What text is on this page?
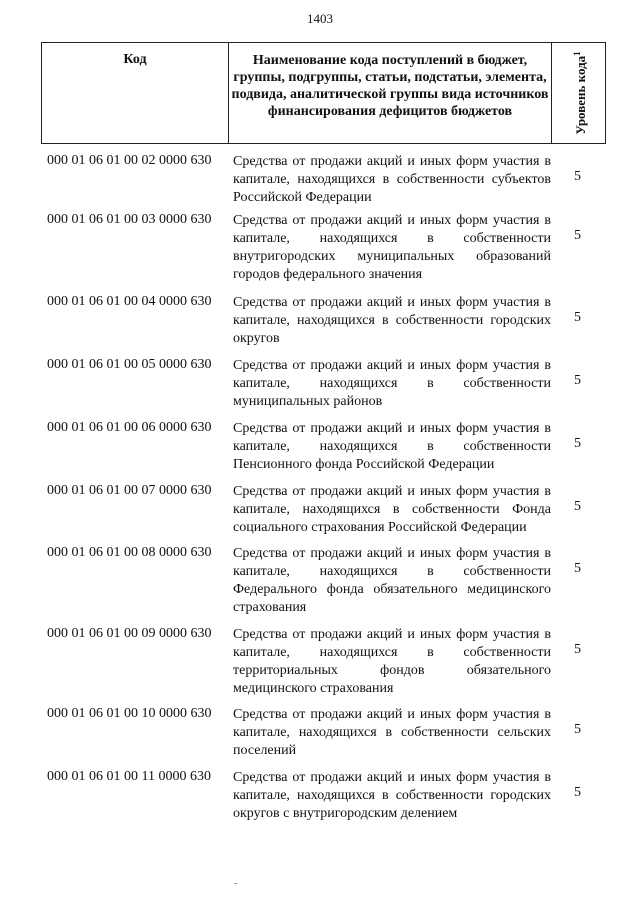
1403
Код	Наименование кода поступлений в бюджет, группы, подгруппы, статьи, подстатьи, элемента, подвида, аналитической группы вида источников финансирования дефицитов бюджетов	Уровень кода$^1$
000 01 06 01 00 02 0000 630 Средства от продажи акций и иных форм участия в капитале, находящихся в собственности субъектов Российской Федерации
5
000 01 06 01 00 03 0000 630 Средства от продажи акций и иных форм участия в капитале, находящихся в собственности внутригородских муниципальных образований городов федерального значения
5
000 01 06 01 00 04 0000 630 Средства от продажи акций и иных форм участия в капитале, находящихся в собственности городских округов
5
000 01 06 01 00 05 0000 630 Средства от продажи акций и иных форм участия в капитале, находящихся в собственности муниципальных районов
5
000 01 06 01 00 06 0000 630 Средства от продажи акций и иных форм участия в капитале, находящихся в собственности Пенсионного фонда Российской Федерации
5
000 01 06 01 00 07 0000 630 Средства от продажи акций и иных форм участия в капитале, находящихся в собственности Фонда социального страхования Российской Федерации
5
000 01 06 01 00 08 0000 630 Средства от продажи акций и иных форм участия в капитале, находящихся в собственности Федерального фонда обязательного медицинского страхования
5
000 01 06 01 00 09 0000 630 Средства от продажи акций и иных форм участия в капитале, находящихся в собственности территориальных фондов обязательного медицинского страхования
5
000 01 06 01 00 10 0000 630 Средства от продажи акций и иных форм участия в капитале, находящихся в собственности сельских поселений
5
000 01 06 01 00 11 0000 630 Средства от продажи акций и иных форм участия в капитале, находящихся в собственности городских округов с внутригородским делением
5
